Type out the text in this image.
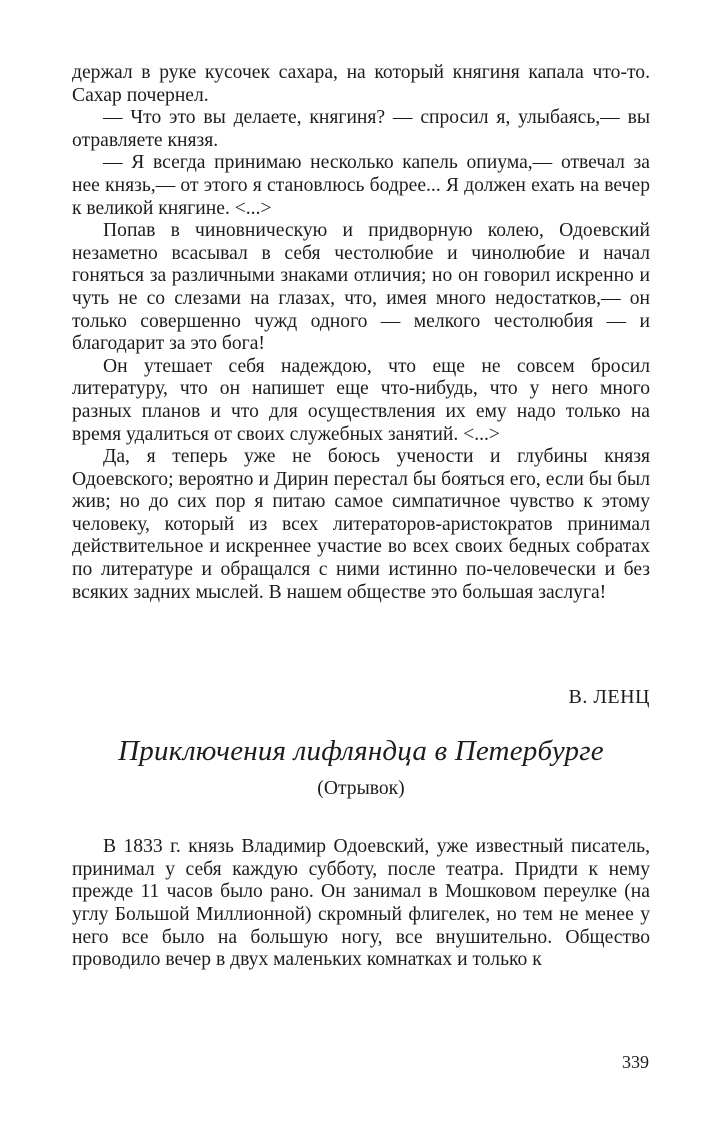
держал в руке кусочек сахара, на который княгиня капала что-то. Сахар почернел.

— Что это вы делаете, княгиня? — спросил я, улыбаясь,— вы отравляете князя.

— Я всегда принимаю несколько капель опиума,— отвечал за нее князь,— от этого я становлюсь бодрее... Я должен ехать на вечер к великой княгине. <...>

Попав в чиновническую и придворную колею, Одоевский незаметно всасывал в себя честолюбие и чинолюбие и начал гоняться за различными знаками отличия; но он говорил искренно и чуть не со слезами на глазах, что, имея много недостатков,— он только совершенно чужд одного — мелкого честолюбия — и благодарит за это бога!

Он утешает себя надеждою, что еще не совсем бросил литературу, что он напишет еще что-нибудь, что у него много разных планов и что для осуществления их ему надо только на время удалиться от своих служебных занятий. <...>

Да, я теперь уже не боюсь учености и глубины князя Одоевского; вероятно и Дирин перестал бы бояться его, если бы был жив; но до сих пор я питаю самое симпатичное чувство к этому человеку, который из всех литераторов-аристократов принимал действительное и искреннее участие во всех своих бедных собратах по литературе и обращался с ними истинно по-человечески и без всяких задних мыслей. В нашем обществе это большая заслуга!

В. ЛЕНЦ

Приключения лифляндца в Петербурге

(Отрывок)

В 1833 г. князь Владимир Одоевский, уже известный писатель, принимал у себя каждую субботу, после театра. Придти к нему прежде 11 часов было рано. Он занимал в Мошковом переулке (на углу Большой Миллионной) скромный флигелек, но тем не менее у него все было на большую ногу, все внушительно. Общество проводило вечер в двух маленьких комнатках и только к

339
